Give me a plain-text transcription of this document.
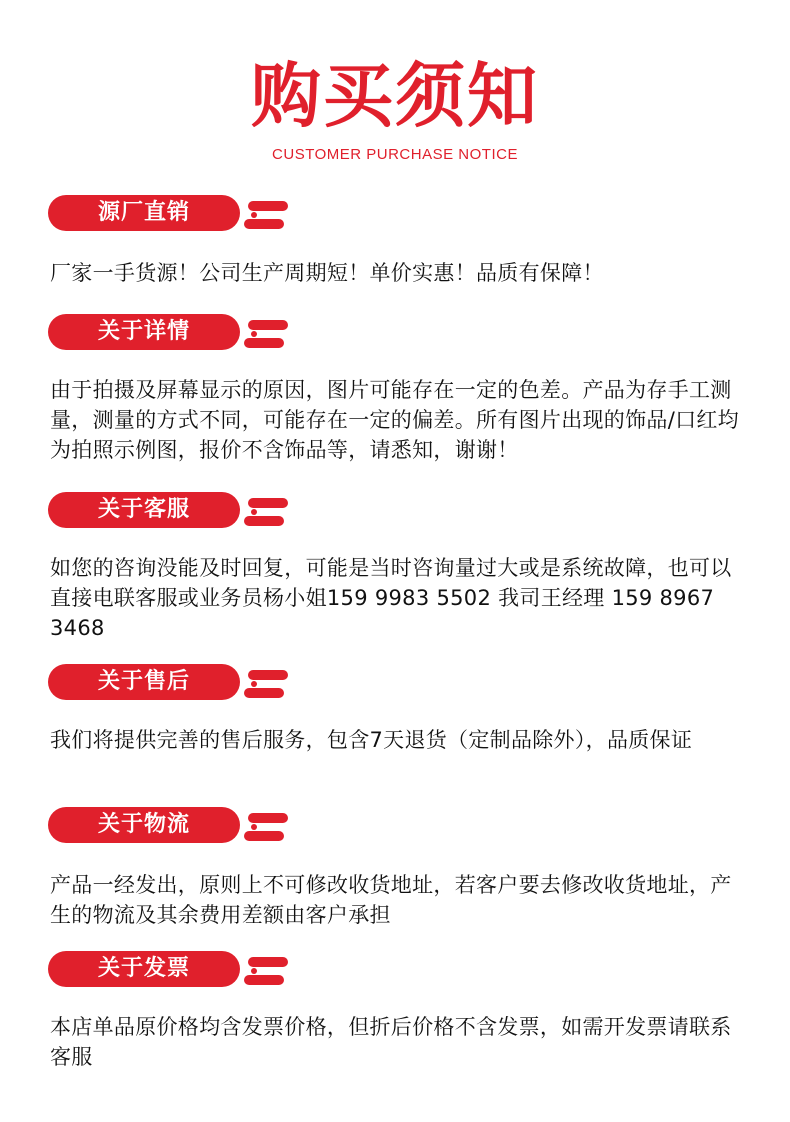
购买须知
CUSTOMER PURCHASE NOTICE
源厂直销

厂家一手货源！公司生产周期短！单价实惠！品质有保障！

关于详情

由于拍摄及屏幕显示的原因，图片可能存在一定的色差。产品为存手工测量，测量的方式不同，可能存在一定的偏差。所有图片出现的饰品/口红均为拍照示例图，报价不含饰品等，请悉知，谢谢！

关于客服

如您的咨询没能及时回复，可能是当时咨询量过大或是系统故障，也可以直接电联客服或业务员杨小姐159 9983 5502 我司王经理 159 8967 3468

关于售后

我们将提供完善的售后服务，包含7天退货（定制品除外），品质保证

关于物流

产品一经发出，原则上不可修改收货地址，若客户要去修改收货地址，产生的物流及其余费用差额由客户承担

关于发票

本店单品原价格均含发票价格，但折后价格不含发票，如需开发票请联系客服
